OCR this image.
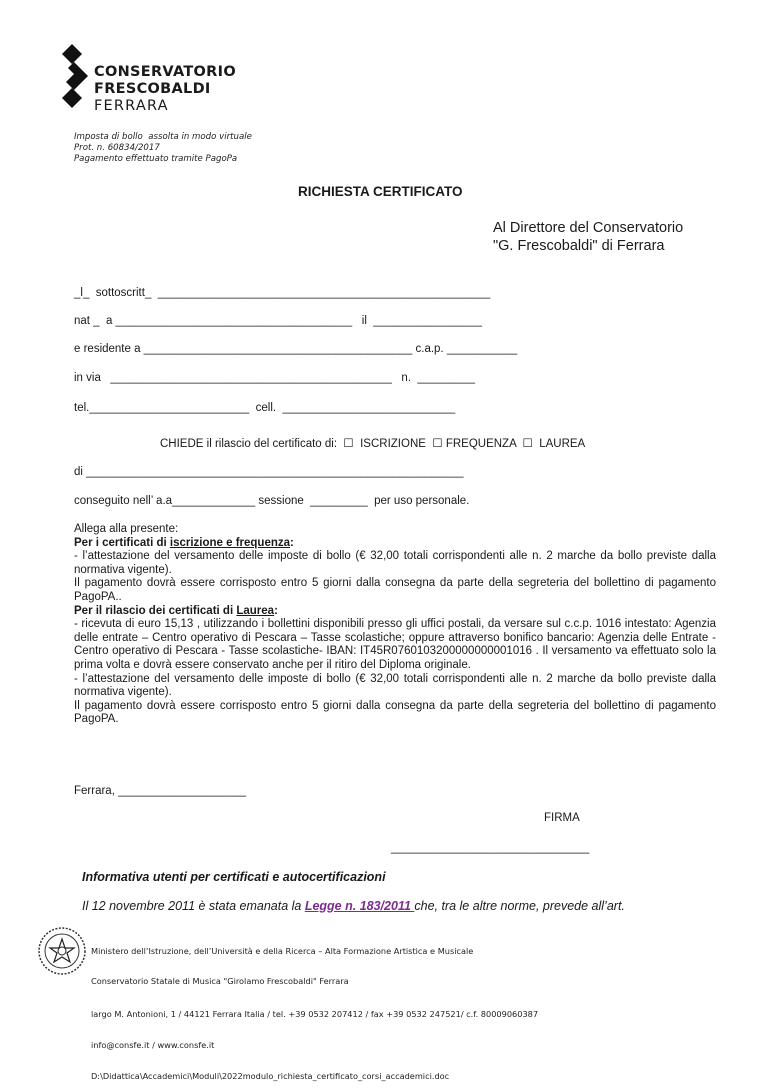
CONSERVATORIO
FRESCOBALDI
FERRARA
Imposta di bollo  assolta in modo virtuale
Prot. n. 60834/2017
Pagamento effettuato tramite PagoPa
RICHIESTA CERTIFICATO
Al Direttore del Conservatorio
"G. Frescobaldi" di Ferrara
_l_  sottoscritt_  ____________________________________________________
nat _  a _____________________________________   il  _________________
e residente a __________________________________________ c.a.p. ___________
in via   ____________________________________________   n.  _________
tel._________________________  cell.  ___________________________
CHIEDE il rilascio del certificato di:  ☐  ISCRIZIONE  ☐ FREQUENZA  ☐  LAUREA
di ___________________________________________________________
conseguito nell’ a.a_____________ sessione  _________  per uso personale.

Allega alla presente:

Per i certificati di iscrizione e frequenza:

- l’attestazione del versamento delle imposte di bollo (€ 32,00 totali corrispondenti alle n. 2 marche da bollo previste dalla normativa vigente).

Il pagamento dovrà essere corrisposto entro 5 giorni dalla consegna da parte della segreteria del bollettino di pagamento PagoPA..

Per il rilascio dei certificati di Laurea:

- ricevuta di euro 15,13 , utilizzando i bollettini disponibili presso gli uffici postali, da versare sul c.c.p. 1016 intestato: Agenzia delle entrate – Centro operativo di Pescara – Tasse scolastiche; oppure attraverso bonifico bancario: Agenzia delle Entrate - Centro operativo di Pescara - Tasse scolastiche- IBAN: IT45R0760103200000000001016 . Il versamento va effettuato solo la prima volta e dovrà essere conservato anche per il ritiro del Diploma originale.

- l’attestazione del versamento delle imposte di bollo (€ 32,00 totali corrispondenti alle n. 2 marche da bollo previste dalla normativa vigente).

Il pagamento dovrà essere corrisposto entro 5 giorni dalla consegna da parte della segreteria del bollettino di pagamento PagoPA.

Ferrara, ____________________
FIRMA
_______________________________
Informativa utenti per certificati e autocertificazioni
Il 12 novembre 2011 è stata emanata la Legge n. 183/2011 che, tra le altre norme, prevede all’art.

Ministero dell’Istruzione, dell’Università e della Ricerca – Alta Formazione Artistica e Musicale

Conservatorio Statale di Musica "Girolamo Frescobaldi" Ferrara

largo M. Antonioni, 1 / 44121 Ferrara Italia / tel. +39 0532 207412 / fax +39 0532 247521/ c.f. 80009060387

info@consfe.it / www.consfe.it

D:\Didattica\Accademici\Moduli\2022modulo_richiesta_certificato_corsi_accademici.doc
